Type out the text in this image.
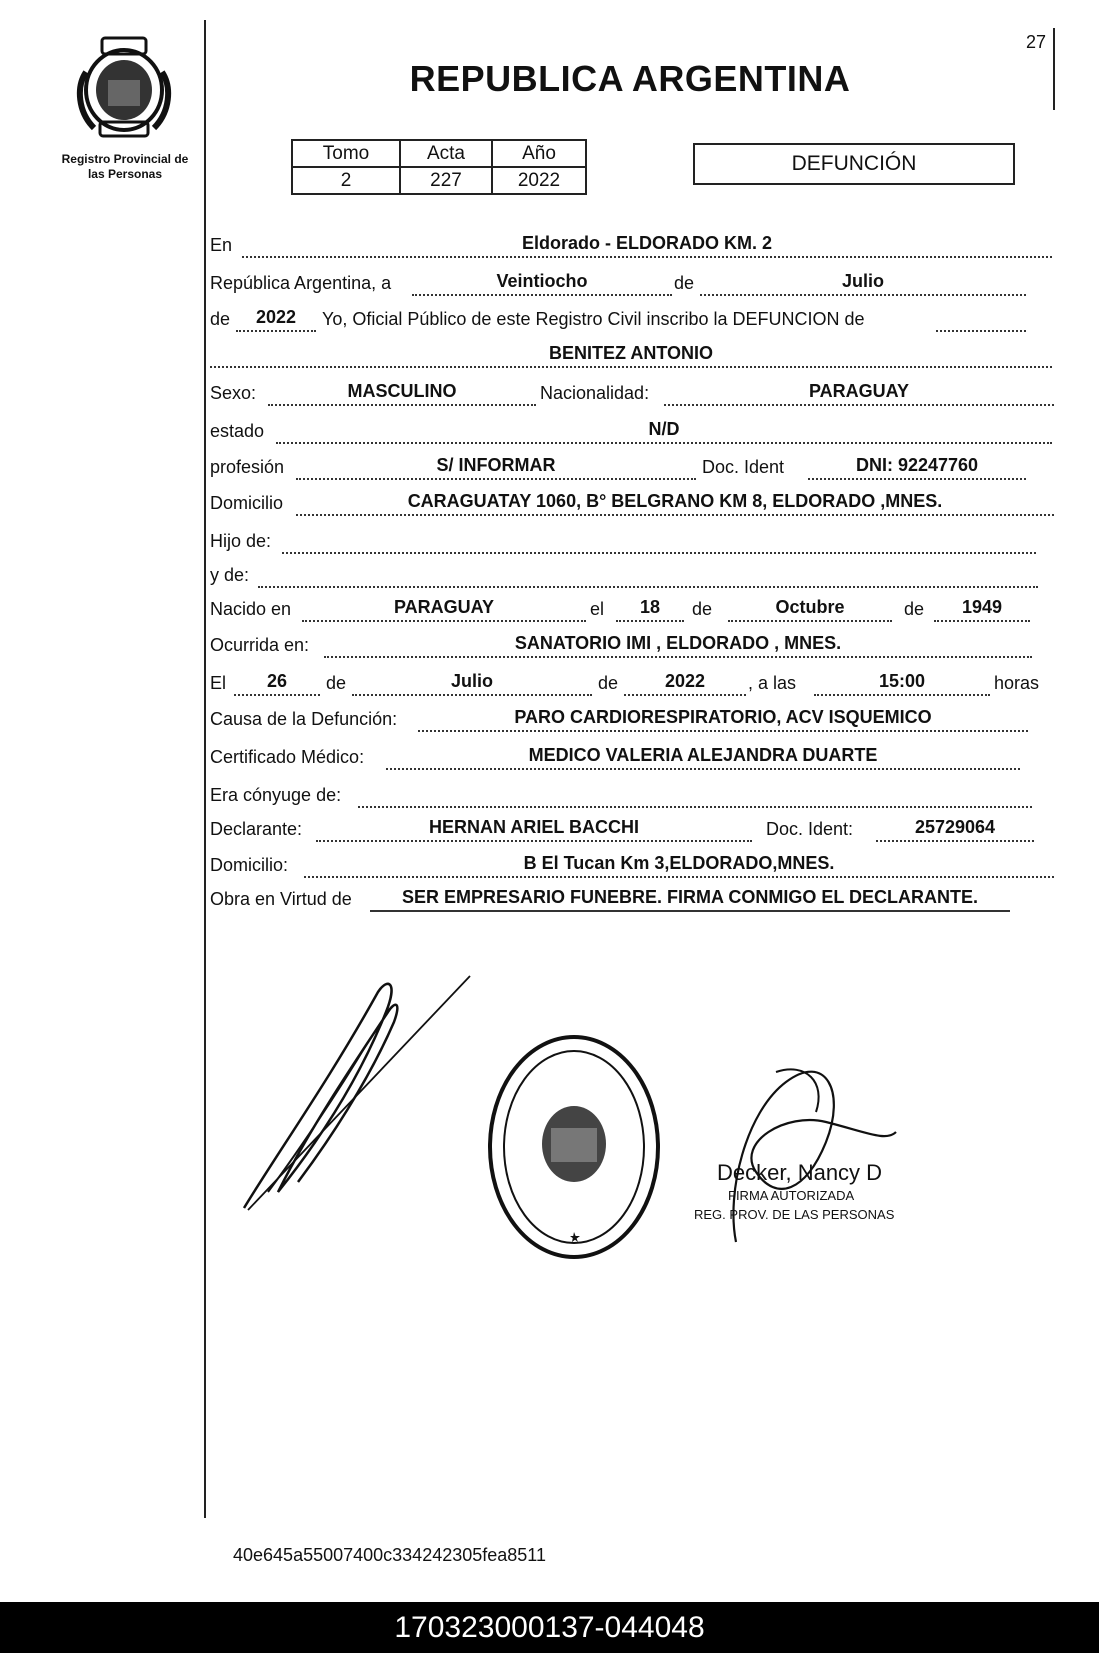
27
Registro Provincial de
las Personas
REPUBLICA ARGENTINA
Tomo	Acta	Año
2	227	2022
DEFUNCIÓN
En	Eldorado - ELDORADO KM. 2
República Argentina, a	Veintiocho	de	Julio
de	2022	Yo, Oficial Público de este Registro Civil inscribo la DEFUNCION de
BENITEZ ANTONIO
Sexo:	MASCULINO	Nacionalidad:	PARAGUAY
estado	N/D
profesión	S/ INFORMAR	Doc. Ident	DNI: 92247760
Domicilio	CARAGUATAY 1060, B° BELGRANO KM 8, ELDORADO ,MNES.
Hijo de:
y de:
Nacido en	PARAGUAY	el	18	de	Octubre	de	1949
Ocurrida en:	SANATORIO IMI , ELDORADO , MNES.
El	26	de	Julio	de	2022	, a las	15:00	horas
Causa de la Defunción:	PARO CARDIORESPIRATORIO, ACV ISQUEMICO
Certificado Médico:	MEDICO VALERIA ALEJANDRA DUARTE
Era cónyuge de:
Declarante:	HERNAN ARIEL BACCHI	Doc. Ident:	25729064
Domicilio:	B El Tucan Km 3,ELDORADO,MNES.
Obra en Virtud de	SER EMPRESARIO FUNEBRE. FIRMA CONMIGO EL DECLARANTE.
Decker, Nancy D
FIRMA AUTORIZADA
REG. PROV. DE LAS PERSONAS
40e645a55007400c334242305fea8511
170323000137-044048
